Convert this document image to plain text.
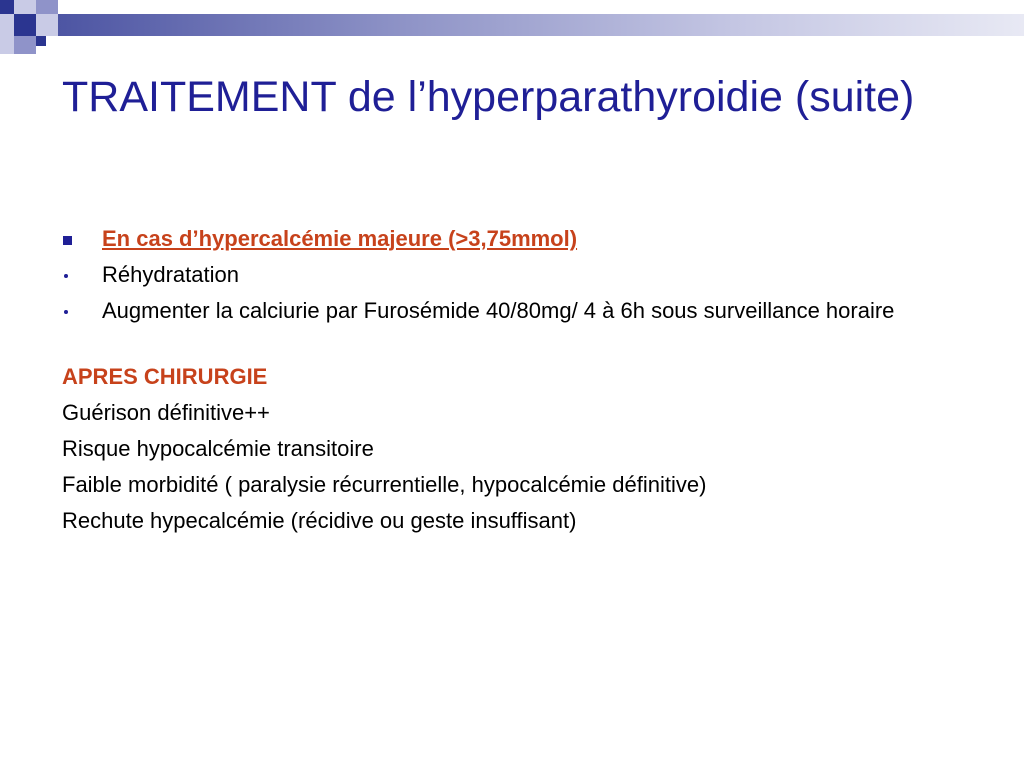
TRAITEMENT de l’hyperparathyroidie (suite)
En cas d’hypercalcémie majeure (>3,75mmol)
Réhydratation
Augmenter la calciurie par Furosémide 40/80mg/ 4 à 6h sous surveillance horaire
APRES CHIRURGIE
Guérison définitive++
Risque hypocalcémie transitoire
Faible morbidité ( paralysie récurrentielle, hypocalcémie définitive)
Rechute hypecalcémie (récidive ou geste insuffisant)
